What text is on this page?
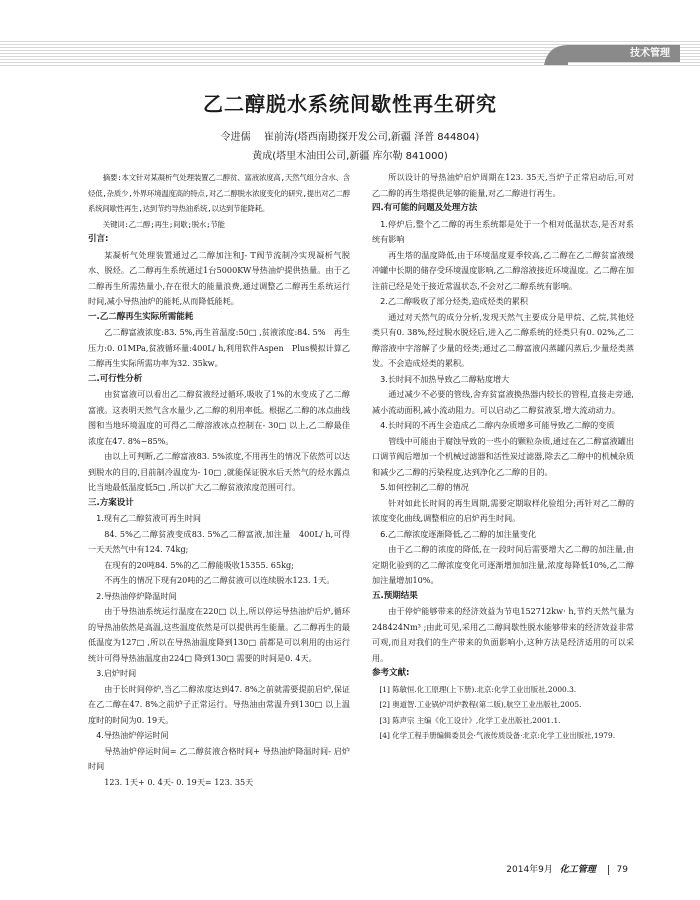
技术管理
乙二醇脱水系统间歇性再生研究
令进儒　 崔前涛(塔西南勘探开发公司,新疆 泽普 844804)
黄成(塔里木油田公司,新疆 库尔勒 841000)

摘要:本文针对某凝析气处理装置乙二醇贫、富液浓度高,天然气组分含水、含烃低,杂质少,外界环境温度高的特点,对乙二醇脱水浓度变化的研究,提出对乙二醇系统间歇性再生,达到节约导热油系统,以达到节能降耗。

关键词:乙二醇;再生;间歇;脱水;节能

引言:

某凝析气处理装置通过乙二醇加注和J- T阀节流制冷实现凝析气脱水、脱烃。乙二醇再生系统通过1台5000KW导热油炉提供热量。由于乙二醇再生所需热量小,存在很大的能量浪费,通过调整乙二醇再生系统运行时间,减小导热油炉的能耗,从而降低能耗。

一.乙二醇再生实际所需能耗

乙二醇富液浓度:83. 5%,再生首温度:50□ ,贫液浓度:84. 5%　再生压力:0. 01MPa,贫液循环量:400L/ h,利用软件Aspen　Plus模拟计算乙二醇再生实际所需功率为32. 35kw。

二.可行性分析

由贫富液可以看出乙二醇贫液经过循环,吸收了1%的水变成了乙二醇富液。这表明天然气含水量少,乙二醇的利用率低。根据乙二醇的冰点曲线图和当地环境温度的可得乙二醇溶液冰点控制在- 30□ 以上,乙二醇最佳浓度在47. 8%~85%。

由以上可判断,乙二醇富液83. 5%浓度,不用再生的情况下依然可以达到脱水的目的,目前制冷温度为- 10□ ,就能保证脱水后天然气的烃水露点比当地最低温度低5□ ,所以扩大乙二醇贫液浓度范围可行。

三.方案设计

1.现有乙二醇贫液可再生时间

84. 5%乙二醇贫液变成83. 5%乙二醇富液,加注量　400L/ h,可得一天天然气中有124. 74kg;

在现有的20吨84. 5%的乙二醇能吸收15355. 65kg;

不再生的情况下现有20吨的乙二醇贫液可以连续脱水123. 1天。

2.导热油停炉降温时间

由于导热油系统运行温度在220□ 以上,所以停运导热油炉后炉,循环的导热油依然是高温,这些温度依然是可以提供再生能量。乙二醇再生的最低温度为127□ ,所以在导热油温度降到130□ 前都是可以利用的由运行统计可得导热油温度由224□ 降到130□ 需要的时间是0. 4天。

3.启炉时间

由于长时间停炉,当乙二醇浓度达到47. 8%之前就需要提前启炉,保证在乙二醇在47. 8%之前炉子正常运行。导热油由常温升到130□ 以上温度时的时间为0. 19天。

4.导热油炉停运时间

导热油炉停运时间= 乙二醇贫液合格时间+ 导热油炉降温时间- 启炉时间

123. 1天+ 0. 4天- 0. 19天= 123. 35天

所以设计的导热油炉启炉周期在123. 35天,当炉子正常启动后,可对乙二醇的再生塔提供足够的能量,对乙二醇进行再生。

四.有可能的问题及处理方法

1.停炉后,整个乙二醇的再生系统都是处于一个相对低温状态,是否对系统有影响

再生塔的温度降低,由于环境温度夏季较高,乙二醇在乙二醇贫富液缓冲罐中长期的储存受环境温度影响,乙二醇溶液接近环境温度。乙二醇在加注前已经是处于接近常温状态,不会对乙二醇系统有影响。

2.乙二醇吸收了部分烃类,造成烃类的累积

通过对天然气的成分分析,发现天然气主要成分是甲烷、乙烷,其他烃类只有0. 38%,经过脱水脱烃后,进入乙二醇系统的烃类只有0. 02%,乙二醇溶液中字溶解了少量的烃类;通过乙二醇富液闪蒸罐闪蒸后,少量烃类蒸发。不会造成烃类的累积。

3.长时间不加热导致乙二醇粘度增大

通过减少不必要的管线,舍弃贫富液换热器内较长的管程,直接走旁通,减小流动面积,减小流动阻力。可以启动乙二醇贫液泵,增大流动动力。

4.长时间的不再生会造成乙二醇内杂质增多可能导致乙二醇的变质

管线中可能由于腐蚀导致的一些小的颗粒杂质,通过在乙二醇富液罐出口调节阀后增加一个机械过滤器和活性炭过滤器,除去乙二醇中的机械杂质和减少乙二醇的污染程度,达到净化乙二醇的目的。

5.如何控制乙二醇的情况

针对如此长时间的再生周期,需要定期取样化验组分;再针对乙二醇的浓度变化曲线,调整相应的启炉再生时间。

6.乙二醇浓度逐渐降低,乙二醇的加注量变化

由于乙二醇的浓度的降低,在一段时间后需要增大乙二醇的加注量,由定期化验到的乙二醇浓度变化可逐渐增加加注量,浓度每降低10%,乙二醇加注量增加10%。

五.预期结果

由于停炉能够带来的经济效益为节电152712kw· h,节约天然气量为248424Nm³ ;由此可见,采用乙二醇间歇性脱水能够带来的经济效益非常可观,而且对我们的生产带来的负面影响小,这种方法是经济适用的可以采用。

参考文献:

[1] 陈敏恒.化工原理(上下册).北京:化学工业出版社,2000.3.

[2] 奥道智.工业锅炉司炉教程(第二版),航空工业出版社,2005.

[3] 陈声宗 主编《化工设计》,化学工业出版社,2001.1.

[4] 化学工程手册编辑委员会·气液传质设备·北京:化学工业出版社,1979.

2014年9月 化工管理 79
